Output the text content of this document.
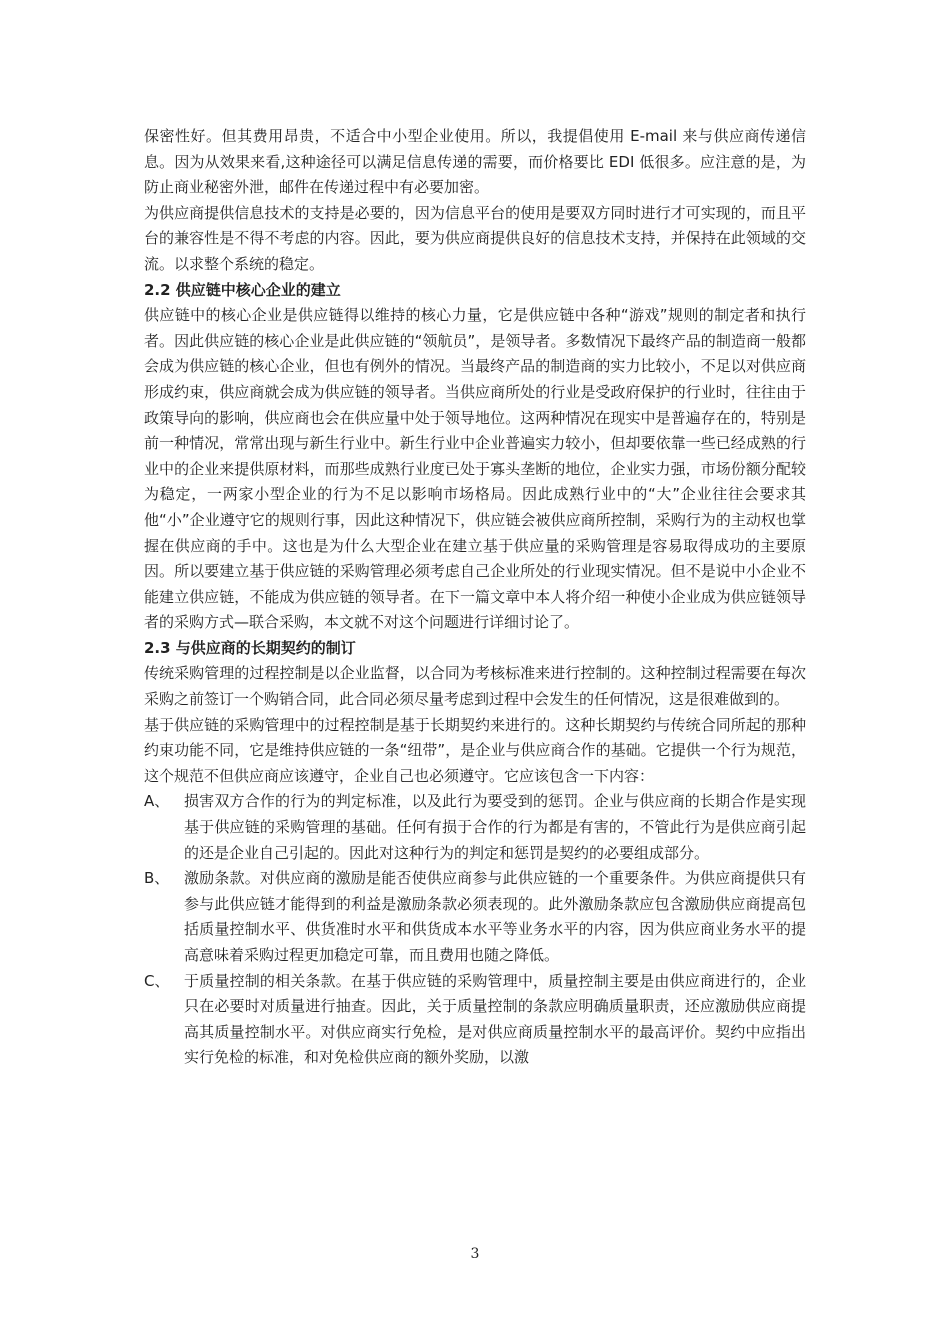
保密性好。但其费用昂贵，不适合中小型企业使用。所以，我提倡使用 E-mail 来与供应商传递信息。因为从效果来看,这种途径可以满足信息传递的需要，而价格要比 EDI 低很多。应注意的是，为防止商业秘密外泄，邮件在传递过程中有必要加密。

为供应商提供信息技术的支持是必要的，因为信息平台的使用是要双方同时进行才可实现的，而且平台的兼容性是不得不考虑的内容。因此，要为供应商提供良好的信息技术支持，并保持在此领域的交流。以求整个系统的稳定。

2.2 供应链中核心企业的建立

供应链中的核心企业是供应链得以维持的核心力量，它是供应链中各种“游戏”规则的制定者和执行者。因此供应链的核心企业是此供应链的“领航员”，是领导者。多数情况下最终产品的制造商一般都会成为供应链的核心企业，但也有例外的情况。当最终产品的制造商的实力比较小，不足以对供应商形成约束，供应商就会成为供应链的领导者。当供应商所处的行业是受政府保护的行业时，往往由于政策导向的影响，供应商也会在供应量中处于领导地位。这两种情况在现实中是普遍存在的，特别是前一种情况，常常出现与新生行业中。新生行业中企业普遍实力较小，但却要依靠一些已经成熟的行业中的企业来提供原材料，而那些成熟行业度已处于寡头垄断的地位，企业实力强，市场份额分配较为稳定，一两家小型企业的行为不足以影响市场格局。因此成熟行业中的“大”企业往往会要求其他“小”企业遵守它的规则行事，因此这种情况下，供应链会被供应商所控制，采购行为的主动权也掌握在供应商的手中。这也是为什么大型企业在建立基于供应量的采购管理是容易取得成功的主要原因。所以要建立基于供应链的采购管理必须考虑自己企业所处的行业现实情况。但不是说中小企业不能建立供应链，不能成为供应链的领导者。在下一篇文章中本人将介绍一种使小企业成为供应链领导者的采购方式—联合采购，本文就不对这个问题进行详细讨论了。

2.3 与供应商的长期契约的制订

传统采购管理的过程控制是以企业监督，以合同为考核标准来进行控制的。这种控制过程需要在每次采购之前签订一个购销合同，此合同必须尽量考虑到过程中会发生的任何情况，这是很难做到的。

基于供应链的采购管理中的过程控制是基于长期契约来进行的。这种长期契约与传统合同所起的那种约束功能不同，它是维持供应链的一条“纽带”，是企业与供应商合作的基础。它提供一个行为规范，这个规范不但供应商应该遵守，企业自己也必须遵守。它应该包含一下内容：

A、 损害双方合作的行为的判定标准，以及此行为要受到的惩罚。企业与供应商的长期合作是实现基于供应链的采购管理的基础。任何有损于合作的行为都是有害的，不管此行为是供应商引起的还是企业自己引起的。因此对这种行为的判定和惩罚是契约的必要组成部分。
B、 激励条款。对供应商的激励是能否使供应商参与此供应链的一个重要条件。为供应商提供只有参与此供应链才能得到的利益是激励条款必须表现的。此外激励条款应包含激励供应商提高包括质量控制水平、供货准时水平和供货成本水平等业务水平的内容，因为供应商业务水平的提高意味着采购过程更加稳定可靠，而且费用也随之降低。
C、 于质量控制的相关条款。在基于供应链的采购管理中，质量控制主要是由供应商进行的，企业只在必要时对质量进行抽查。因此，关于质量控制的条款应明确质量职责，还应激励供应商提高其质量控制水平。对供应商实行免检，是对供应商质量控制水平的最高评价。契约中应指出实行免检的标准，和对免检供应商的额外奖励，以激
3
